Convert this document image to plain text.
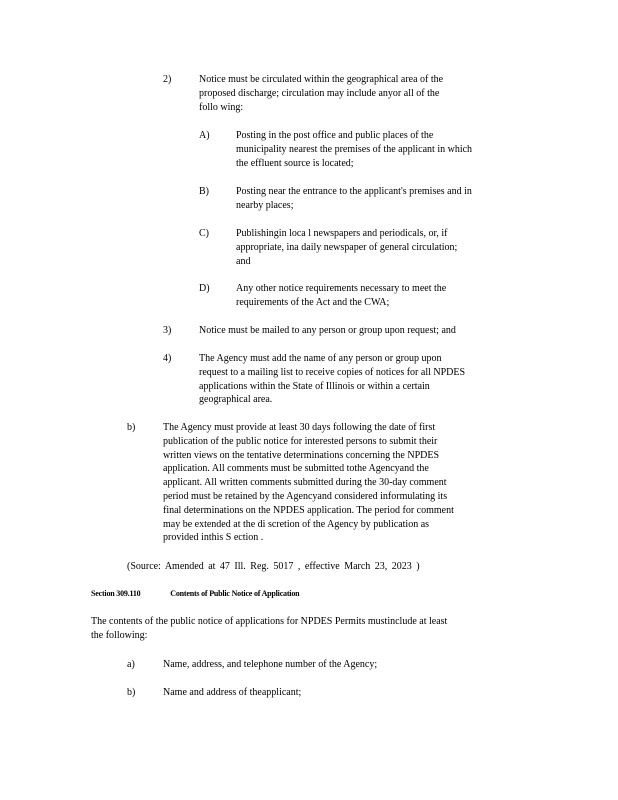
2)	Notice must be circulated within the geographical area of the
proposed discharge; circulation may include anyor all of the
follo wing:
A)	Posting in the post office and public places of the
municipality nearest the premises of the applicant in which
the effluent source is located;
B)	Posting near the entrance to the applicant's premises and in
nearby places;
C)	Publishingin loca l newspapers and periodicals, or, if
appropriate, ina daily newspaper of general circulation;
and
D)	Any other notice requirements necessary to meet the
requirements of the Act and the CWA;
3)	Notice must be mailed to any person or group upon request; and
4)	The Agency must add the name of any person or group upon
request to a mailing list to receive copies of notices for all NPDES
applications within the State of Illinois or within a certain
geographical area.
b)	The Agency must provide at least 30 days following the date of first
publication of the public notice for interested persons to submit their
written views on the tentative determinations concerning the NPDES
application. All comments must be submitted tothe Agencyand the
applicant. All written comments submitted during the 30-day comment
period must be retained by the Agencyand considered informulating its
final determinations on the NPDES application. The period for comment
may be extended at the di scretion of the Agency by publication as
provided inthis S ection .
(Source: Amended at 47 Ill. Reg. 5017 , effective March 23, 2023 )
Section 309.110	Contents of Public Notice of Application
The contents of the public notice of applications for NPDES Permits mustinclude at least
the following:
a)	Name, address, and telephone number of the Agency;
b)	Name and address of theapplicant;
